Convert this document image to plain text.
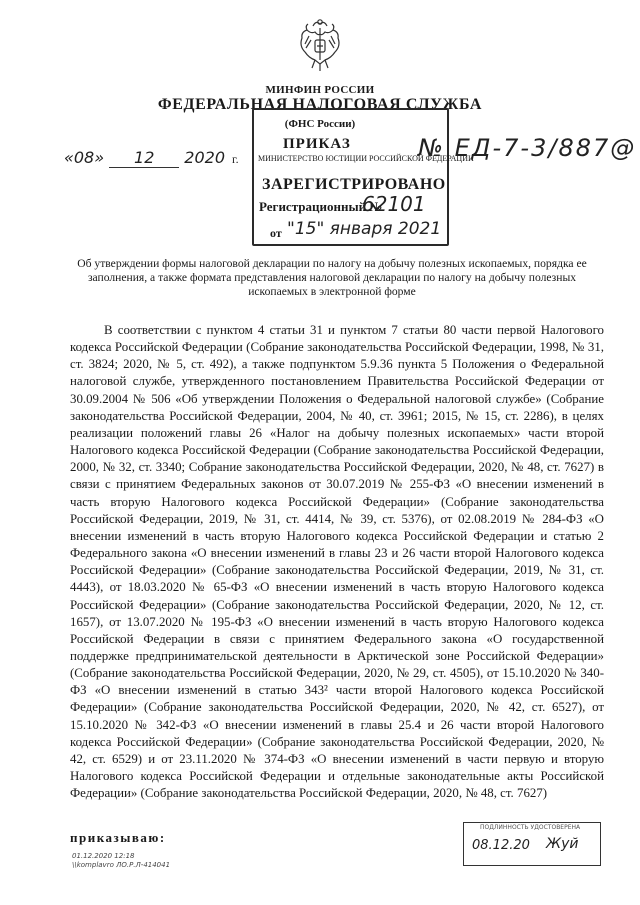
МИНФИН РОССИИ
ФЕДЕРАЛЬНАЯ НАЛОГОВАЯ СЛУЖБА
(ФНС России)
ПРИКАЗ
МИНИСТЕРСТВО ЮСТИЦИИ РОССИЙСКОЙ ФЕДЕРАЦИИ
ЗАРЕГИСТРИРОВАНО
Регистрационный №
62101
от "15" января 2021
«08» 12 2020 г.	№ ЕД-7-3/887@
Об утверждении формы налоговой декларации по налогу на добычу полезных ископаемых, порядка ее заполнения, а также формата представления налоговой декларации по налогу на добычу полезных ископаемых в электронной форме

В соответствии с пунктом 4 статьи 31 и пунктом 7 статьи 80 части первой Налогового кодекса Российской Федерации (Собрание законодательства Российской Федерации, 1998, № 31, ст. 3824; 2020, № 5, ст. 492), а также подпунктом 5.9.36 пункта 5 Положения о Федеральной налоговой службе, утвержденного постановлением Правительства Российской Федерации от 30.09.2004 № 506 «Об утверждении Положения о Федеральной налоговой службе» (Собрание законодательства Российской Федерации, 2004, № 40, ст. 3961; 2015, № 15, ст. 2286), в целях реализации положений главы 26 «Налог на добычу полезных ископаемых» части второй Налогового кодекса Российской Федерации (Собрание законодательства Российской Федерации, 2000, № 32, ст. 3340; Собрание законодательства Российской Федерации, 2020, № 48, ст. 7627) в связи с принятием Федеральных законов от 30.07.2019 № 255-ФЗ «О внесении изменений в часть вторую Налогового кодекса Российской Федерации» (Собрание законодательства Российской Федерации, 2019, № 31, ст. 4414, № 39, ст. 5376), от 02.08.2019 № 284-ФЗ «О внесении изменений в часть вторую Налогового кодекса Российской Федерации и статью 2 Федерального закона «О внесении изменений в главы 23 и 26 части второй Налогового кодекса Российской Федерации» (Собрание законодательства Российской Федерации, 2019, № 31, ст. 4443), от 18.03.2020 № 65-ФЗ «О внесении изменений в часть вторую Налогового кодекса Российской Федерации» (Собрание законодательства Российской Федерации, 2020, № 12, ст. 1657), от 13.07.2020 № 195-ФЗ «О внесении изменений в часть вторую Налогового кодекса Российской Федерации в связи с принятием Федерального закона «О государственной поддержке предпринимательской деятельности в Арктической зоне Российской Федерации» (Собрание законодательства Российской Федерации, 2020, № 29, ст. 4505), от 15.10.2020 № 340-ФЗ «О внесении изменений в статью 343² части второй Налогового кодекса Российской Федерации» (Собрание законодательства Российской Федерации, 2020, № 42, ст. 6527), от 15.10.2020 № 342-ФЗ «О внесении изменений в главы 25.4 и 26 части второй Налогового кодекса Российской Федерации» (Собрание законодательства Российской Федерации, 2020, № 42, ст. 6529) и от 23.11.2020 № 374-ФЗ «О внесении изменений в части первую и вторую Налогового кодекса Российской Федерации и отдельные законодательные акты Российской Федерации» (Собрание законодательства Российской Федерации, 2020, № 48, ст. 7627)

приказываю:
01.12.2020 12:18
\\komplavro ЛО.Р.Л-414041
ПОДЛИННОСТЬ УДОСТОВЕРЕНА
08.12.20 Жуй
